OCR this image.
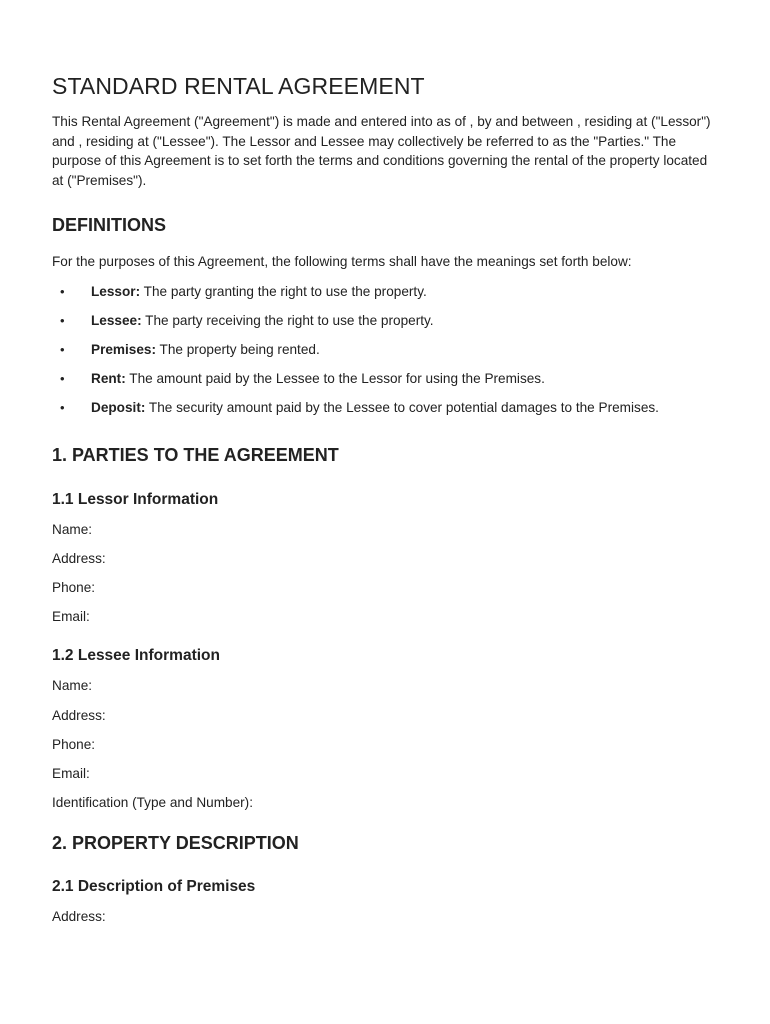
STANDARD RENTAL AGREEMENT

This Rental Agreement ("Agreement") is made and entered into as of , by and between , residing at ("Lessor") and , residing at ("Lessee"). The Lessor and Lessee may collectively be referred to as the "Parties." The purpose of this Agreement is to set forth the terms and conditions governing the rental of the property located at ("Premises").

DEFINITIONS

For the purposes of this Agreement, the following terms shall have the meanings set forth below:

• Lessor: The party granting the right to use the property.
• Lessee: The party receiving the right to use the property.
• Premises: The property being rented.
• Rent: The amount paid by the Lessee to the Lessor for using the Premises.
• Deposit: The security amount paid by the Lessee to cover potential damages to the Premises.
1. PARTIES TO THE AGREEMENT
1.1 Lessor Information

Name:

Address:

Phone:

Email:

1.2 Lessee Information

Name:

Address:

Phone:

Email:

Identification (Type and Number):

2. PROPERTY DESCRIPTION
2.1 Description of Premises

Address:
